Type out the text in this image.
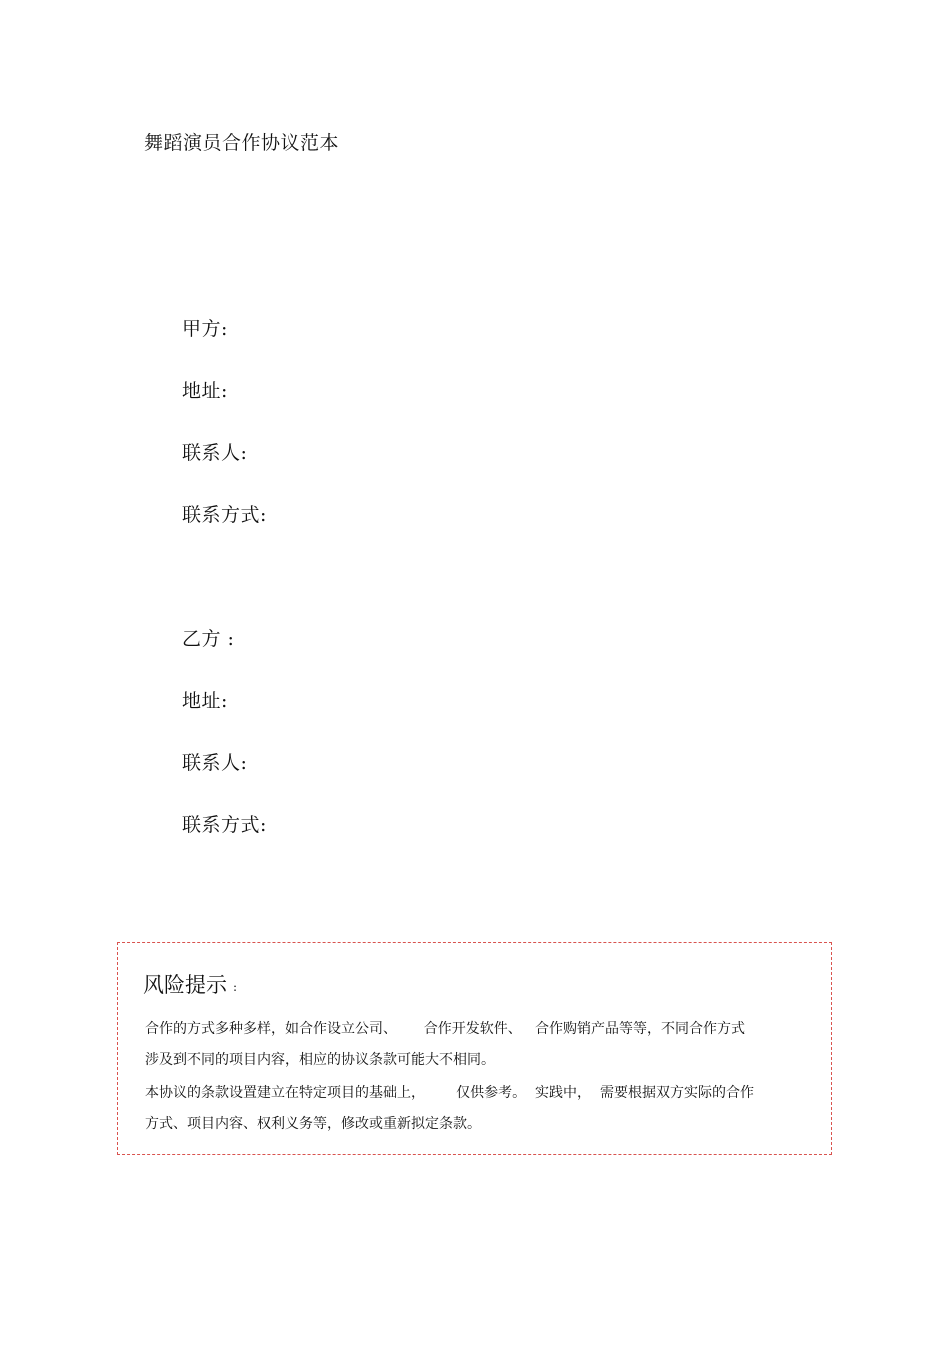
舞蹈演员合作协议范本
甲方:
地址:
联系人:
联系方式:
乙方 :
地址:
联系人:
联系方式:
风险提示 :
合作的方式多种多样，如合作设立公司、      合作开发软件、   合作购销产品等等，不同合作方式
涉及到不同的项目内容，相应的协议条款可能大不相同。
本协议的条款设置建立在特定项目的基础上，       仅供参考。  实践中，  需要根据双方实际的合作
方式、项目内容、权利义务等，修改或重新拟定条款。
